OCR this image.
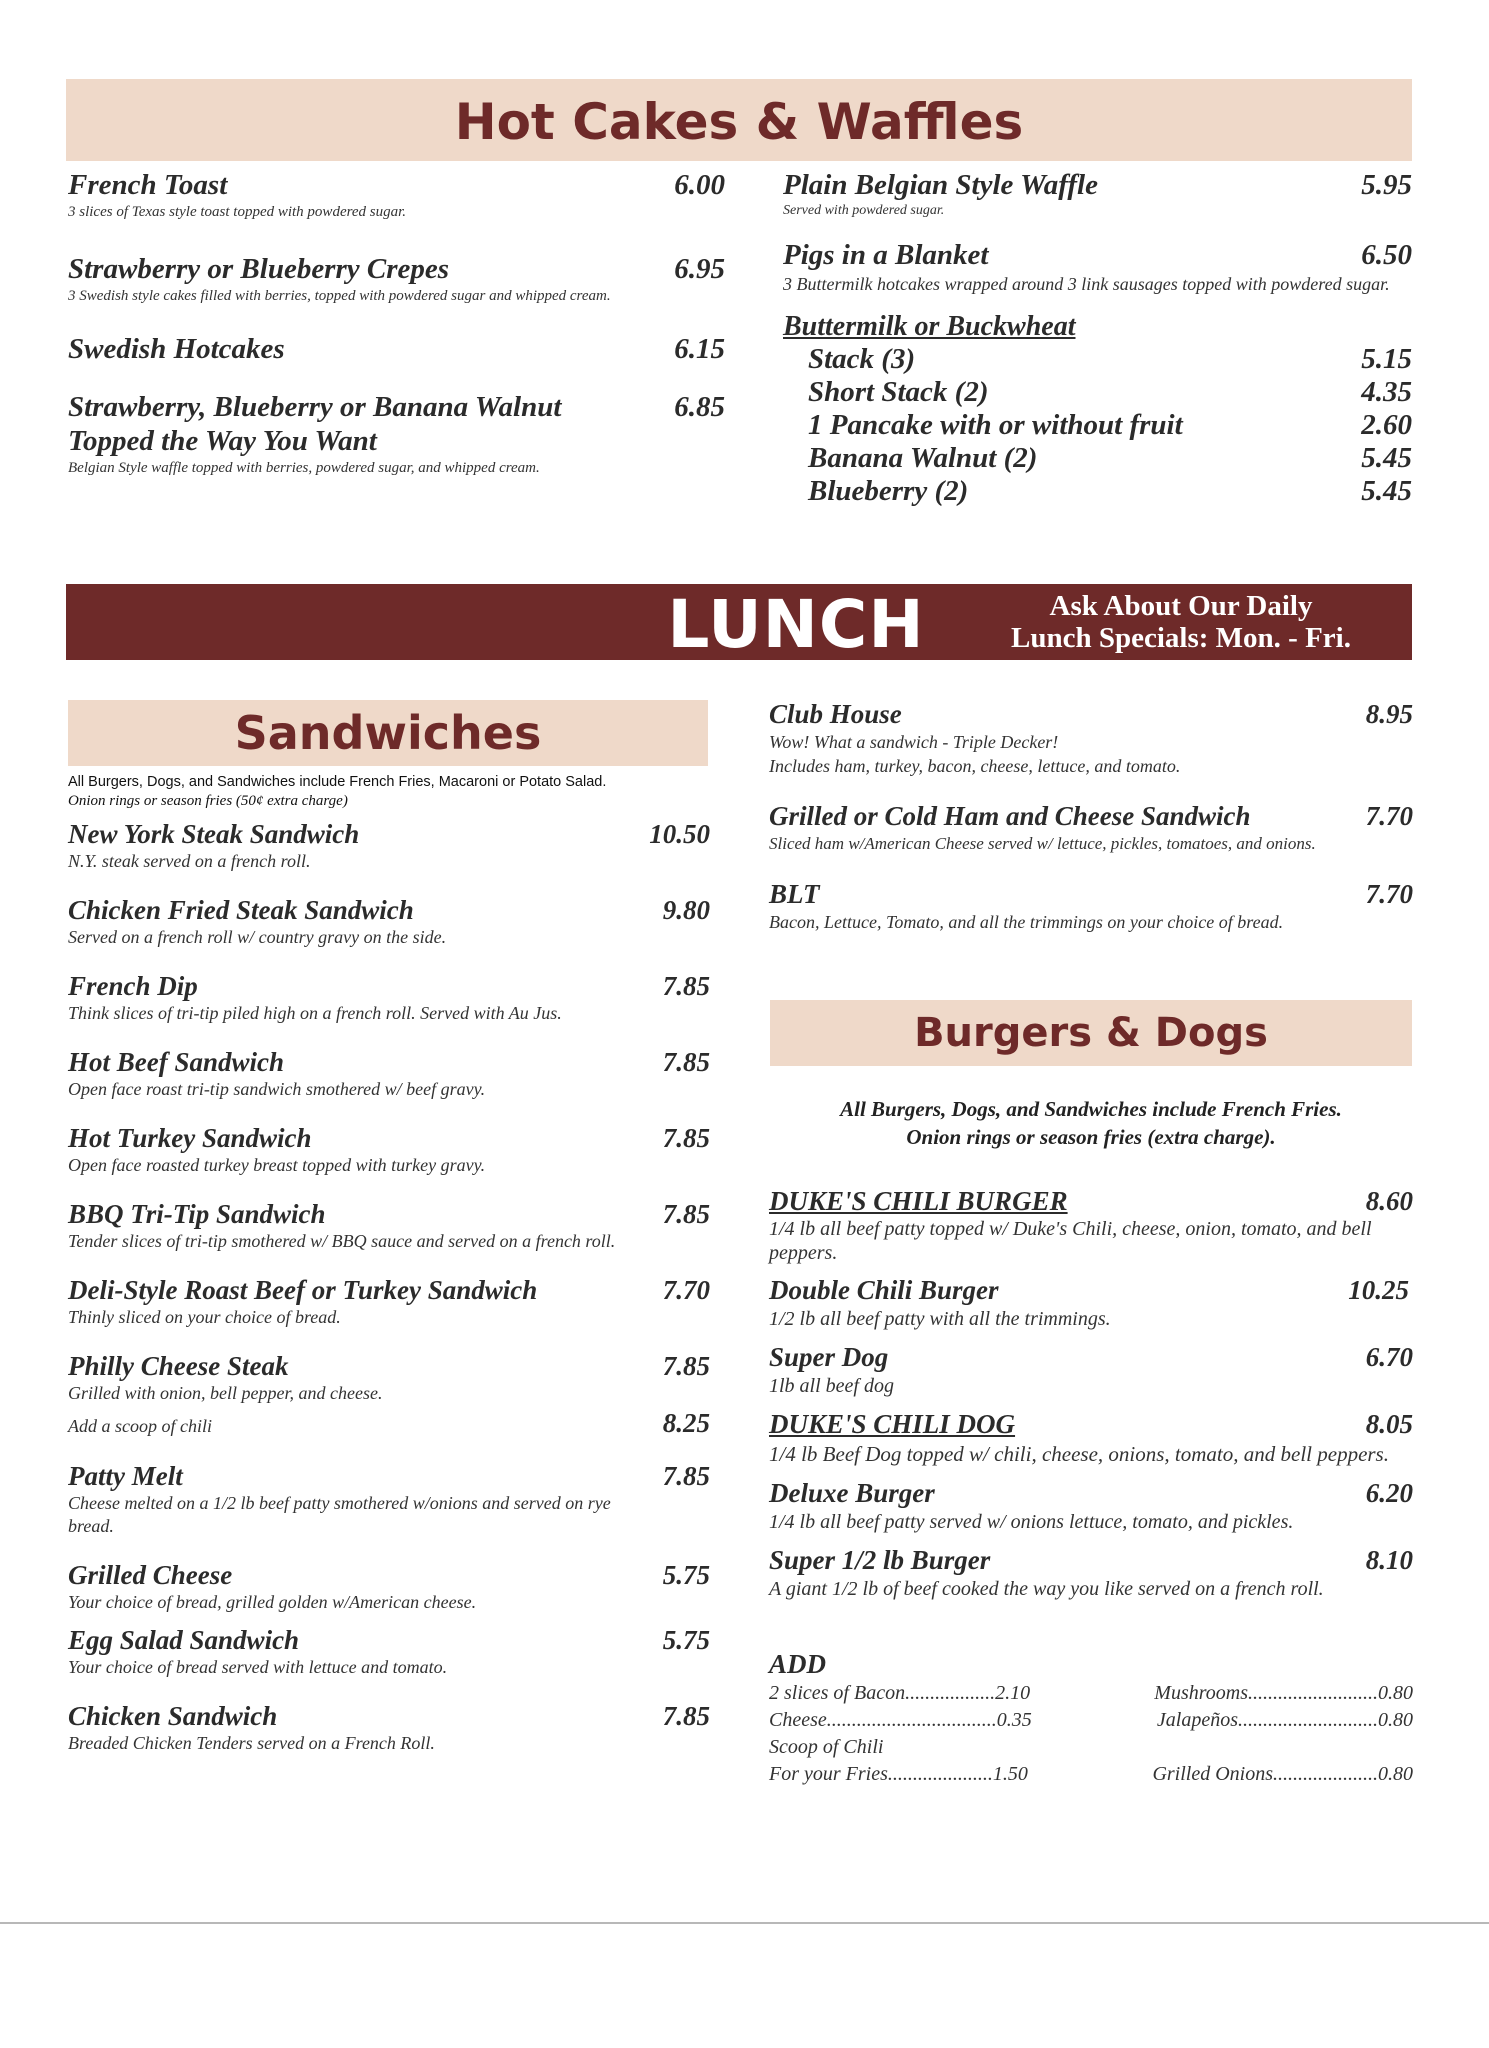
Hot Cakes & Waffles
French Toast	6.00
3 slices of Texas style toast topped with powdered sugar.
Strawberry or Blueberry Crepes	6.95
3 Swedish style cakes filled with berries, topped with powdered sugar and whipped cream.
Swedish Hotcakes	6.15
Strawberry, Blueberry or Banana Walnut	6.85
Topped the Way You Want
Belgian Style waffle topped with berries, powdered sugar, and whipped cream.
Plain Belgian Style Waffle	5.95
Served with powdered sugar.
Pigs in a Blanket	6.50
3 Buttermilk hotcakes wrapped around 3 link sausages topped with powdered sugar.
Buttermilk or Buckwheat
Stack (3)	5.15
Short Stack (2)	4.35
1 Pancake with or without fruit	2.60
Banana Walnut (2)	5.45
Blueberry (2)	5.45
LUNCH	Ask About Our Daily
Lunch Specials: Mon. - Fri.
Sandwiches
All Burgers, Dogs, and Sandwiches include French Fries, Macaroni or Potato Salad.
Onion rings or season fries (50¢ extra charge)
New York Steak Sandwich	10.50
N.Y. steak served on a french roll.
Chicken Fried Steak Sandwich	9.80
Served on a french roll w/ country gravy on the side.
French Dip	7.85
Think slices of tri-tip piled high on a french roll. Served with Au Jus.
Hot Beef Sandwich	7.85
Open face roast tri-tip sandwich smothered w/ beef gravy.
Hot Turkey Sandwich	7.85
Open face roasted turkey breast topped with turkey gravy.
BBQ Tri-Tip Sandwich	7.85
Tender slices of tri-tip smothered w/ BBQ sauce and served on a french roll.
Deli-Style Roast Beef or Turkey Sandwich	7.70
Thinly sliced on your choice of bread.
Philly Cheese Steak	7.85
Grilled with onion, bell pepper, and cheese.
Add a scoop of chili	8.25
Patty Melt	7.85
Cheese melted on a 1/2 lb beef patty smothered w/onions and served on rye bread.
Grilled Cheese	5.75
Your choice of bread, grilled golden w/American cheese.
Egg Salad Sandwich	5.75
Your choice of bread served with lettuce and tomato.
Chicken Sandwich	7.85
Breaded Chicken Tenders served on a French Roll.
Club House	8.95
Wow! What a sandwich - Triple Decker!
Includes ham, turkey, bacon, cheese, lettuce, and tomato.
Grilled or Cold Ham and Cheese Sandwich	7.70
Sliced ham w/American Cheese served w/ lettuce, pickles, tomatoes, and onions.
BLT	7.70
Bacon, Lettuce, Tomato, and all the trimmings on your choice of bread.
Burgers & Dogs
All Burgers, Dogs, and Sandwiches include French Fries.
Onion rings or season fries (extra charge).
DUKE'S CHILI BURGER	8.60
1/4 lb all beef patty topped w/ Duke's Chili, cheese, onion, tomato, and bell peppers.
Double Chili Burger	10.25
1/2 lb all beef patty with all the trimmings.
Super Dog	6.70
1lb all beef dog
DUKE'S CHILI DOG	8.05
1/4 lb Beef Dog topped w/ chili, cheese, onions, tomato, and bell peppers.
Deluxe Burger	6.20
1/4 lb all beef patty served w/ onions lettuce, tomato, and pickles.
Super 1/2 lb Burger	8.10
A giant 1/2 lb of beef cooked the way you like served on a french roll.
ADD
2 slices of Bacon..................2.10	Mushrooms..........................0.80
Cheese..................................0.35	Jalapeños............................0.80
Scoop of Chili
For your Fries.....................1.50	Grilled Onions.....................0.80
